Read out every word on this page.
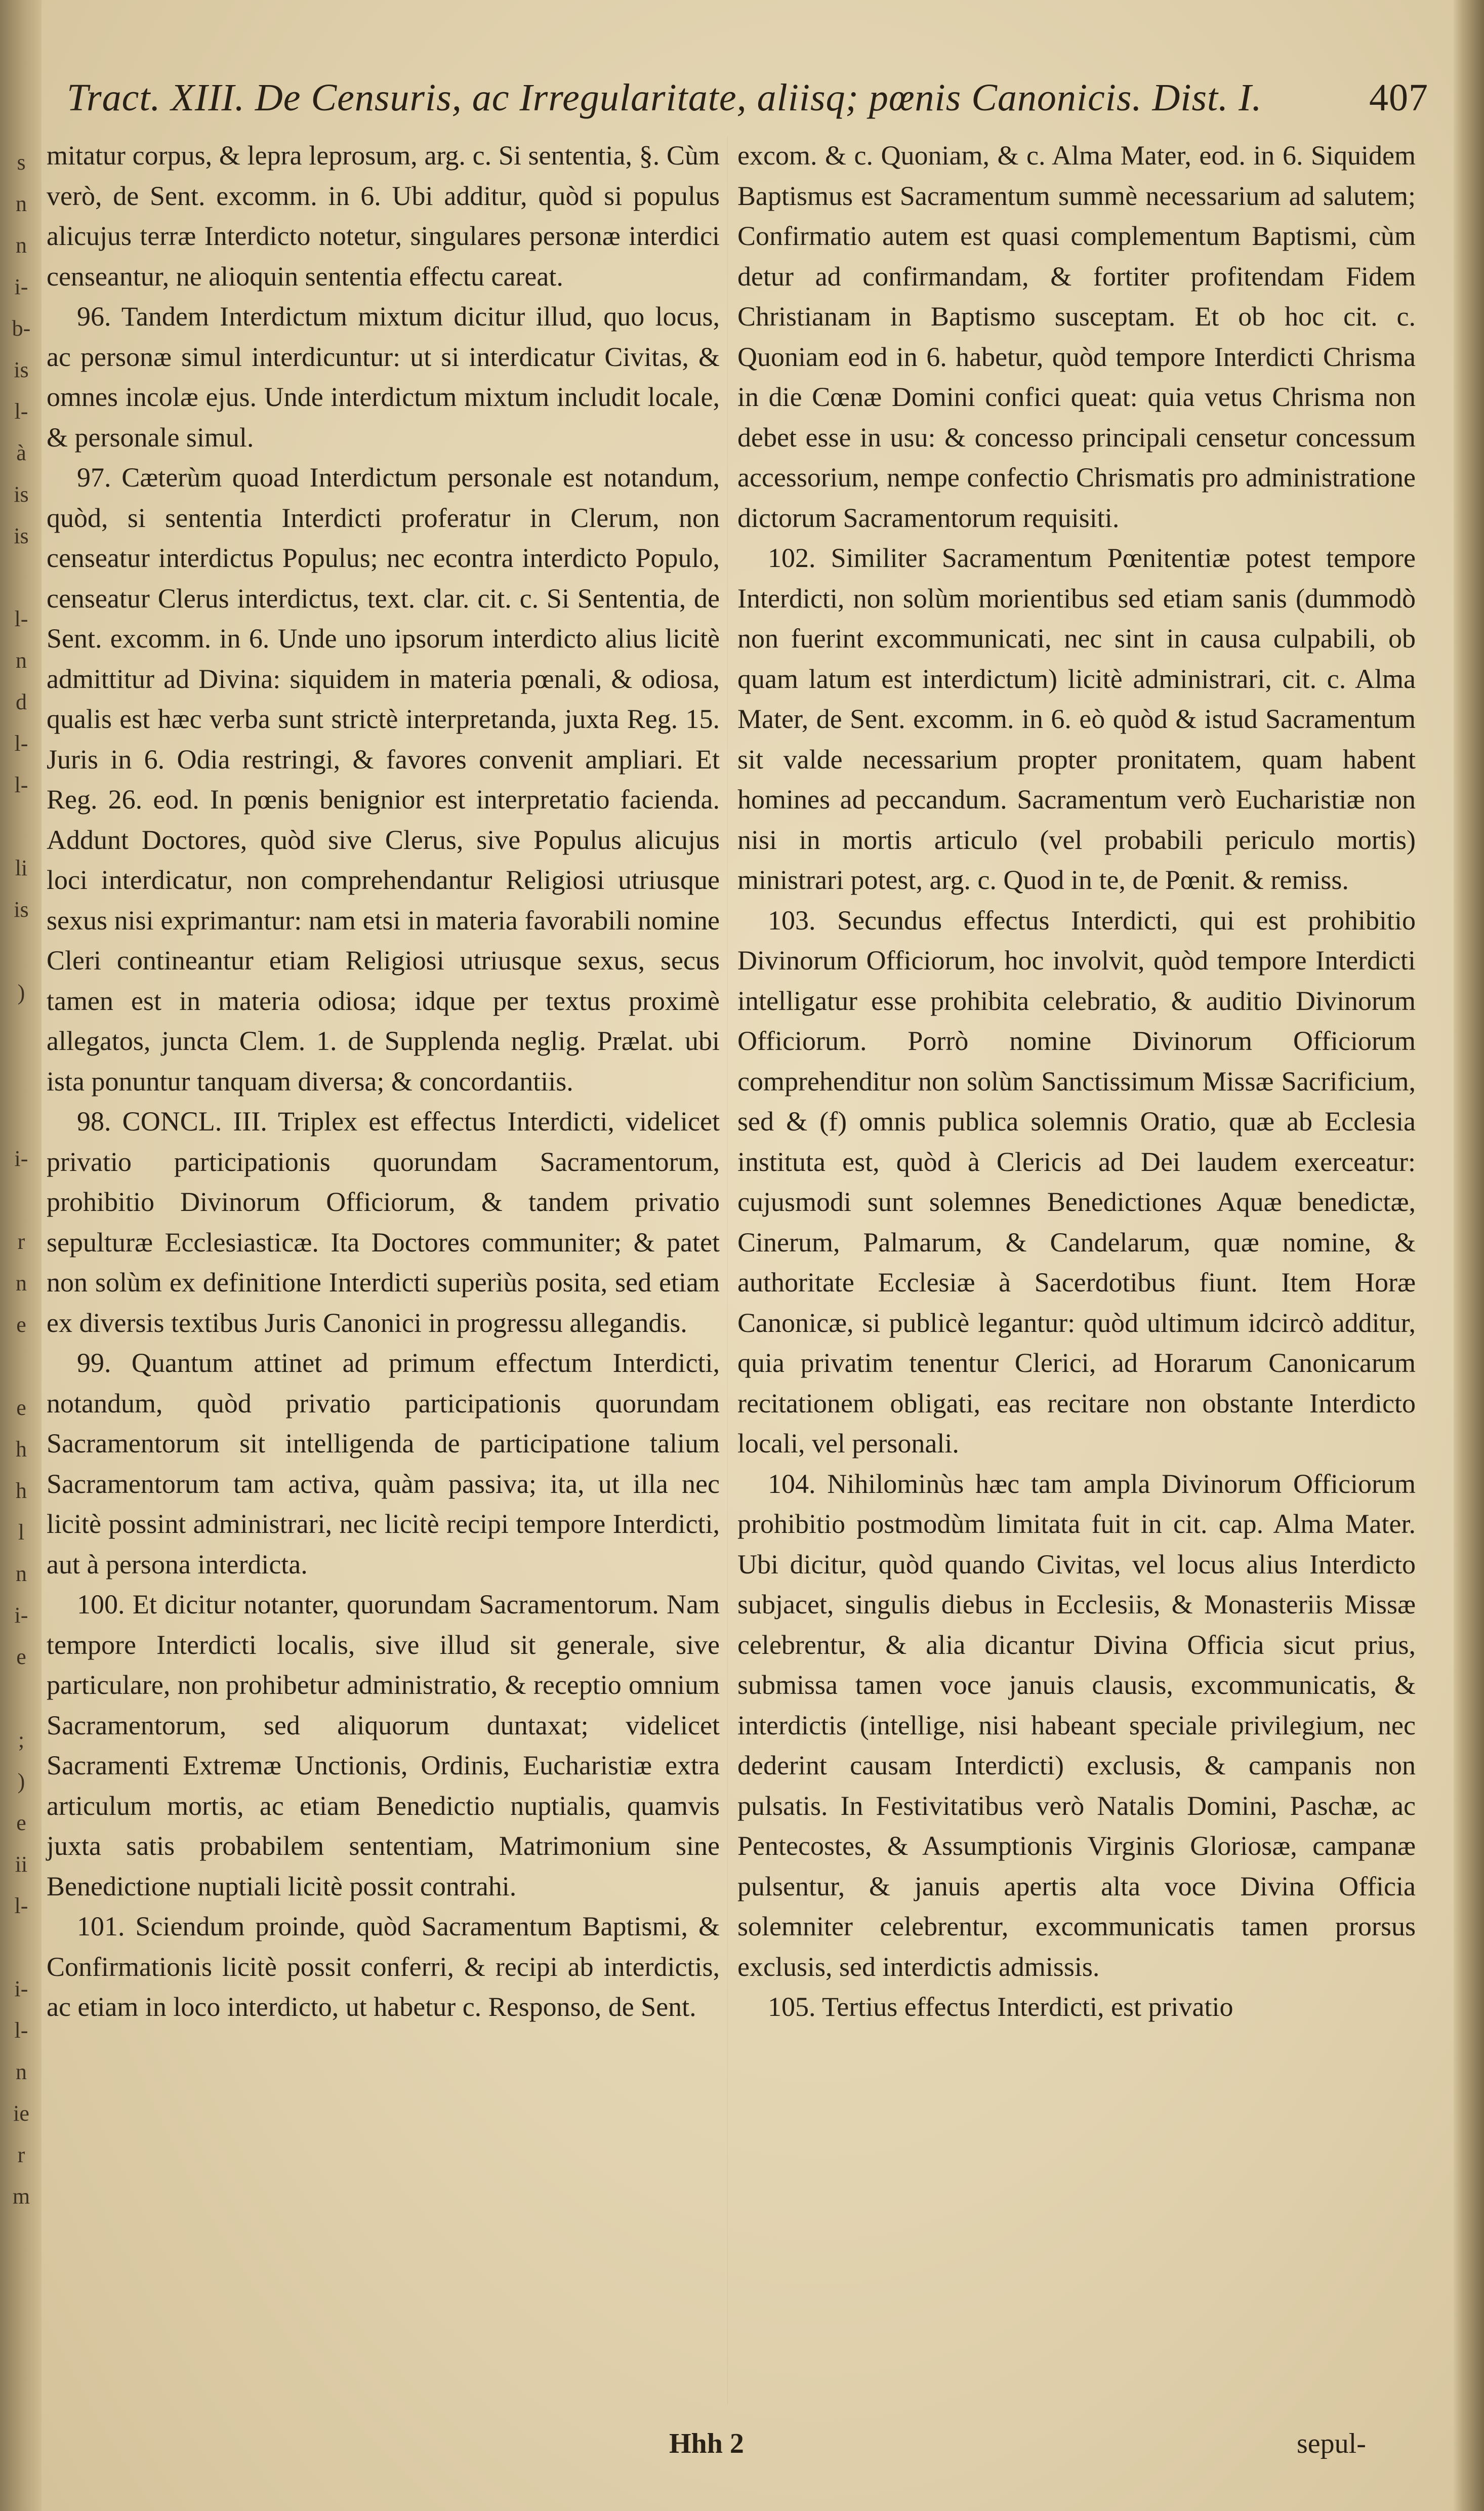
s
n
n
i-
b-
is
l-
à
is
is

l-
n
d
l-
l-

li
is

)

i-

r
n
e

e
h
h
l
n
i-
e

;
)
e
ii
l-

i-
l-
n
ie
r
m
Tract. XIII. De Censuris, ac Irregularitate, aliisq; pœnis Canonicis. Dist. I.	407

mitatur corpus, & lepra leprosum, arg. c. Si sententia, §. Cùm verò, de Sent. excomm. in 6. Ubi additur, quòd si populus alicujus terræ Interdicto notetur, singulares personæ interdici censeantur, ne alioquin sententia effectu careat.

96. Tandem Interdictum mixtum dicitur illud, quo locus, ac personæ simul interdicuntur: ut si interdicatur Civitas, & omnes incolæ ejus. Unde interdictum mixtum includit locale, & personale simul.

97. Cæterùm quoad Interdictum personale est notandum, quòd, si sententia Interdicti proferatur in Clerum, non censeatur interdictus Populus; nec econtra interdicto Populo, censeatur Clerus interdictus, text. clar. cit. c. Si Sententia, de Sent. excomm. in 6. Unde uno ipsorum interdicto alius licitè admittitur ad Divina: siquidem in materia pœnali, & odiosa, qualis est hæc verba sunt strictè interpretanda, juxta Reg. 15. Juris in 6. Odia restringi, & favores convenit ampliari. Et Reg. 26. eod. In pœnis benignior est interpretatio facienda. Addunt Doctores, quòd sive Clerus, sive Populus alicujus loci interdicatur, non comprehendantur Religiosi utriusque sexus nisi exprimantur: nam etsi in materia favorabili nomine Cleri contineantur etiam Religiosi utriusque sexus, secus tamen est in materia odiosa; idque per textus proximè allegatos, juncta Clem. 1. de Supplenda neglig. Prælat. ubi ista ponuntur tanquam diversa; & concordantiis.

98. CONCL. III. Triplex est effectus Interdicti, videlicet privatio participationis quorundam Sacramentorum, prohibitio Divinorum Officiorum, & tandem privatio sepulturæ Ecclesiasticæ. Ita Doctores communiter; & patet non solùm ex definitione Interdicti superiùs posita, sed etiam ex diversis textibus Juris Canonici in progressu allegandis.

99. Quantum attinet ad primum effectum Interdicti, notandum, quòd privatio participationis quorundam Sacramentorum sit intelligenda de participatione talium Sacramentorum tam activa, quàm passiva; ita, ut illa nec licitè possint administrari, nec licitè recipi tempore Interdicti, aut à persona interdicta.

100. Et dicitur notanter, quorundam Sacramentorum. Nam tempore Interdicti localis, sive illud sit generale, sive particulare, non prohibetur administratio, & receptio omnium Sacramentorum, sed aliquorum duntaxat; videlicet Sacramenti Extremæ Unctionis, Ordinis, Eucharistiæ extra articulum mortis, ac etiam Benedictio nuptialis, quamvis juxta satis probabilem sententiam, Matrimonium sine Benedictione nuptiali licitè possit contrahi.

101. Sciendum proinde, quòd Sacramentum Baptismi, & Confirmationis licitè possit conferri, & recipi ab interdictis, ac etiam in loco interdicto, ut habetur c. Responso, de Sent.

excom. & c. Quoniam, & c. Alma Mater, eod. in 6. Siquidem Baptismus est Sacramentum summè necessarium ad salutem; Confirmatio autem est quasi complementum Baptismi, cùm detur ad confirmandam, & fortiter profitendam Fidem Christianam in Baptismo susceptam. Et ob hoc cit. c. Quoniam eod in 6. habetur, quòd tempore Interdicti Chrisma in die Cœnæ Domini confici queat: quia vetus Chrisma non debet esse in usu: & concesso principali censetur concessum accessorium, nempe confectio Chrismatis pro administratione dictorum Sacramentorum requisiti.

102. Similiter Sacramentum Pœnitentiæ potest tempore Interdicti, non solùm morientibus sed etiam sanis (dummodò non fuerint excommunicati, nec sint in causa culpabili, ob quam latum est interdictum) licitè administrari, cit. c. Alma Mater, de Sent. excomm. in 6. eò quòd & istud Sacramentum sit valde necessarium propter pronitatem, quam habent homines ad peccandum. Sacramentum verò Eucharistiæ non nisi in mortis articulo (vel probabili periculo mortis) ministrari potest, arg. c. Quod in te, de Pœnit. & remiss.

103. Secundus effectus Interdicti, qui est prohibitio Divinorum Officiorum, hoc involvit, quòd tempore Interdicti intelligatur esse prohibita celebratio, & auditio Divinorum Officiorum. Porrò nomine Divinorum Officiorum comprehenditur non solùm Sanctissimum Missæ Sacrificium, sed & (f) omnis publica solemnis Oratio, quæ ab Ecclesia instituta est, quòd à Clericis ad Dei laudem exerceatur: cujusmodi sunt solemnes Benedictiones Aquæ benedictæ, Cinerum, Palmarum, & Candelarum, quæ nomine, & authoritate Ecclesiæ à Sacerdotibus fiunt. Item Horæ Canonicæ, si publicè legantur: quòd ultimum idcircò additur, quia privatim tenentur Clerici, ad Horarum Canonicarum recitationem obligati, eas recitare non obstante Interdicto locali, vel personali.

104. Nihilominùs hæc tam ampla Divinorum Officiorum prohibitio postmodùm limitata fuit in cit. cap. Alma Mater. Ubi dicitur, quòd quando Civitas, vel locus alius Interdicto subjacet, singulis diebus in Ecclesiis, & Monasteriis Missæ celebrentur, & alia dicantur Divina Officia sicut prius, submissa tamen voce januis clausis, excommunicatis, & interdictis (intellige, nisi habeant speciale privilegium, nec dederint causam Interdicti) exclusis, & campanis non pulsatis. In Festivitatibus verò Natalis Domini, Paschæ, ac Pentecostes, & Assumptionis Virginis Gloriosæ, campanæ pulsentur, & januis apertis alta voce Divina Officia solemniter celebrentur, excommunicatis tamen prorsus exclusis, sed interdictis admissis.

105. Tertius effectus Interdicti, est privatio

Hhh 2	sepul-
